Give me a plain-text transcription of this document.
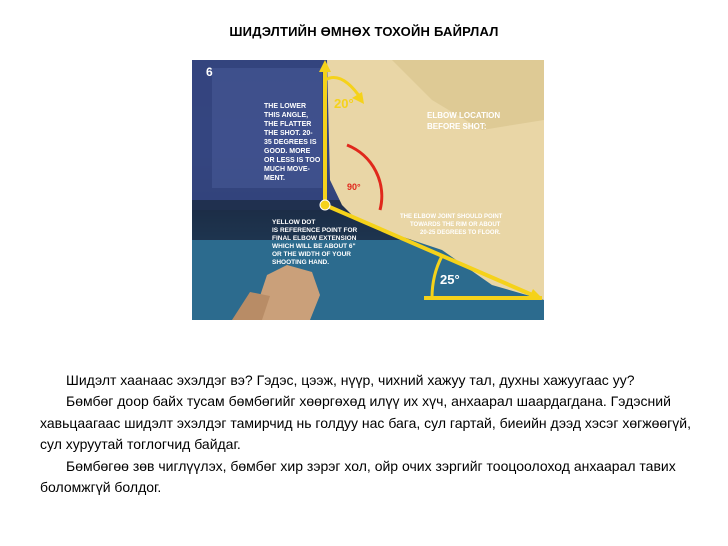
ШИДЭЛТИЙН ӨМНӨХ ТОХОЙН БАЙРЛАЛ
6
20°
90°
25°
THE LOWER
THIS ANGLE,
THE FLATTER
THE SHOT. 20-
35 DEGREES IS
GOOD. MORE
OR LESS IS TOO
MUCH MOVE-
MENT.
ELBOW LOCATION
BEFORE SHOT:
THE ELBOW JOINT SHOULD POINT
TOWARDS THE RIM OR ABOUT
20-25 DEGREES TO FLOOR.
YELLOW DOT
IS REFERENCE POINT FOR
FINAL ELBOW EXTENSION
WHICH WILL BE ABOUT 6"
OR THE WIDTH OF YOUR
SHOOTING HAND.

Шидэлт хаанаас эхэлдэг вэ? Гэдэс, цээж, нүүр, чихний хажуу тал, духны хажуугаас уу?

Бөмбөг доор байх тусам бөмбөгийг хөөргөхөд илүү их хүч, анхаарал шаардагдана. Гэдэсний хавьцаагаас шидэлт эхэлдэг тамирчид нь голдуу нас бага, сул гартай, биеийн дээд хэсэг хөгжөөгүй, сул хуруутай тоглогчид байдаг.

Бөмбөгөө зөв чиглүүлэх, бөмбөг хир зэрэг хол, ойр очих зэргийг тооцоолоход анхаарал тавих боломжгүй болдог.
